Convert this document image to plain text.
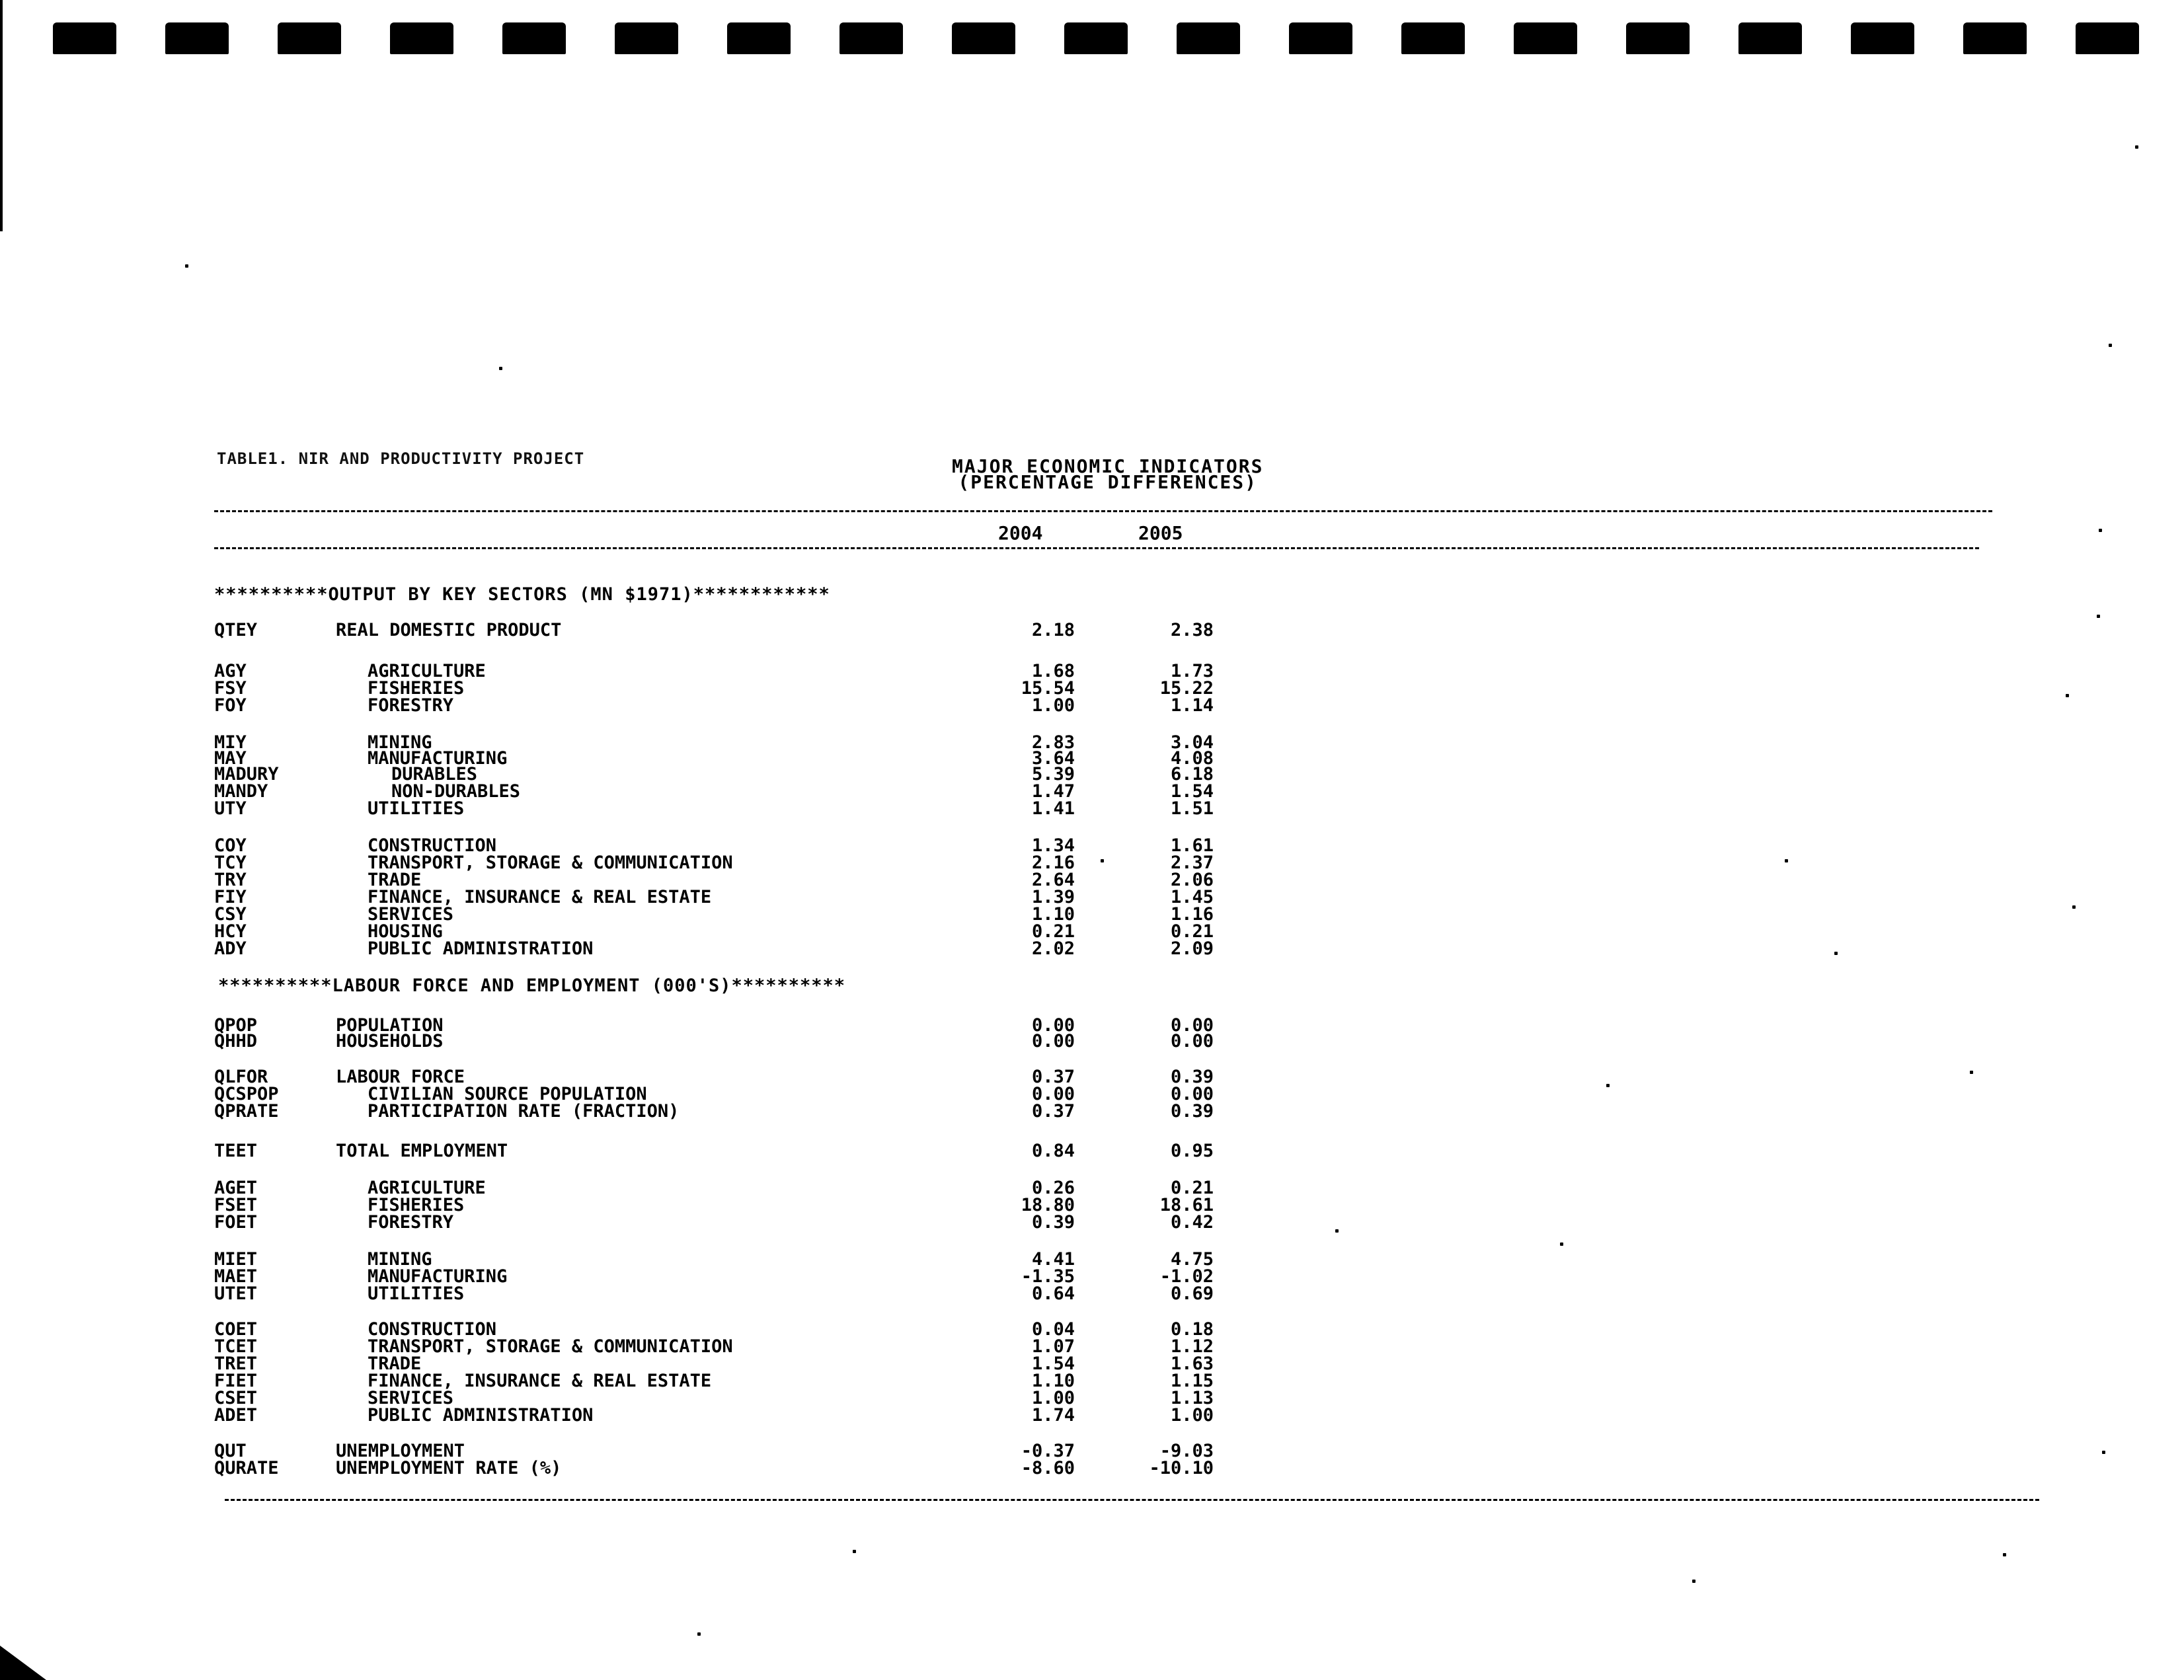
TABLE1. NIR AND PRODUCTIVITY PROJECT	MAJOR ECONOMIC INDICATORS
(PERCENTAGE DIFFERENCES)
2004	2005
**********OUTPUT BY KEY SECTORS (MN $1971)************
**********LABOUR FORCE AND EMPLOYMENT (000'S)**********
QTEY	REAL DOMESTIC PRODUCT	2.18	2.38
AGY	AGRICULTURE	1.68	1.73
FSY	FISHERIES	15.54	15.22
FOY	FORESTRY	1.00	1.14
MIY	MINING	2.83	3.04
MAY	MANUFACTURING	3.64	4.08
MADURY	DURABLES	5.39	6.18
MANDY	NON-DURABLES	1.47	1.54
UTY	UTILITIES	1.41	1.51
COY	CONSTRUCTION	1.34	1.61
TCY	TRANSPORT, STORAGE & COMMUNICATION	2.16	2.37
TRY	TRADE	2.64	2.06
FIY	FINANCE, INSURANCE & REAL ESTATE	1.39	1.45
CSY	SERVICES	1.10	1.16
HCY	HOUSING	0.21	0.21
ADY	PUBLIC ADMINISTRATION	2.02	2.09
QPOP	POPULATION	0.00	0.00
QHHD	HOUSEHOLDS	0.00	0.00
QLFOR	LABOUR FORCE	0.37	0.39
QCSPOP	CIVILIAN SOURCE POPULATION	0.00	0.00
QPRATE	PARTICIPATION RATE (FRACTION)	0.37	0.39
TEET	TOTAL EMPLOYMENT	0.84	0.95
AGET	AGRICULTURE	0.26	0.21
FSET	FISHERIES	18.80	18.61
FOET	FORESTRY	0.39	0.42
MIET	MINING	4.41	4.75
MAET	MANUFACTURING	-1.35	-1.02
UTET	UTILITIES	0.64	0.69
COET	CONSTRUCTION	0.04	0.18
TCET	TRANSPORT, STORAGE & COMMUNICATION	1.07	1.12
TRET	TRADE	1.54	1.63
FIET	FINANCE, INSURANCE & REAL ESTATE	1.10	1.15
CSET	SERVICES	1.00	1.13
ADET	PUBLIC ADMINISTRATION	1.74	1.00
QUT	UNEMPLOYMENT	-0.37	-9.03
QURATE	UNEMPLOYMENT RATE (%)	-8.60	-10.10
